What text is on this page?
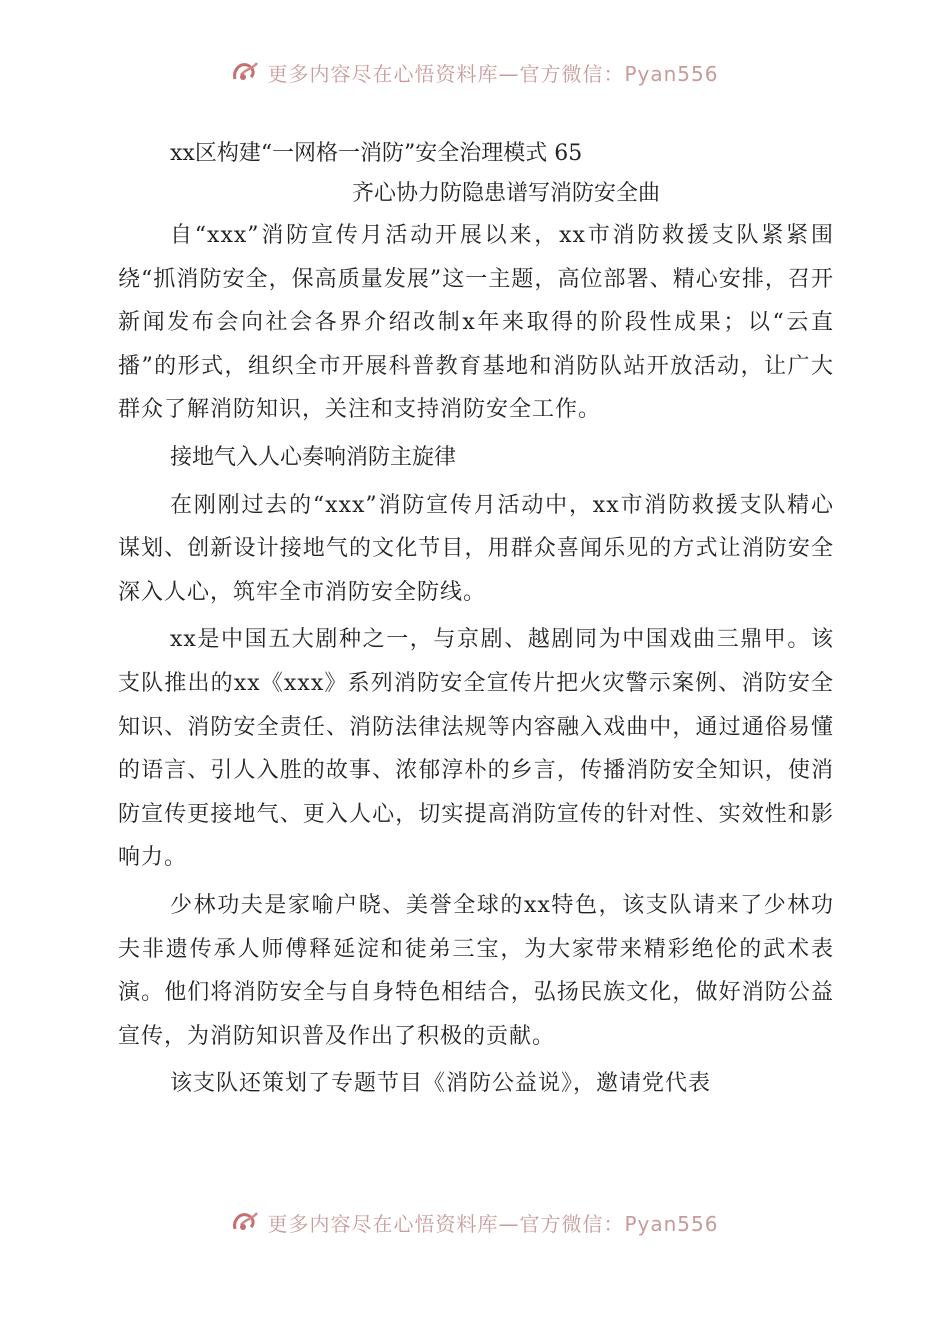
更多内容尽在心悟资料库—官方微信：Pyan556
xx区构建“一网格一消防”安全治理模式 65
齐心协力防隐患谱写消防安全曲
自“xxx”消防宣传月活动开展以来，xx市消防救援支队紧紧围绕“抓消防安全，保高质量发展”这一主题，高位部署、精心安排，召开新闻发布会向社会各界介绍改制x年来取得的阶段性成果；以“云直播”的形式，组织全市开展科普教育基地和消防队站开放活动，让广大群众了解消防知识，关注和支持消防安全工作。
接地气入人心奏响消防主旋律
在刚刚过去的“xxx”消防宣传月活动中，xx市消防救援支队精心谋划、创新设计接地气的文化节目，用群众喜闻乐见的方式让消防安全深入人心，筑牢全市消防安全防线。
xx是中国五大剧种之一，与京剧、越剧同为中国戏曲三鼎甲。该支队推出的xx《xxx》系列消防安全宣传片把火灾警示案例、消防安全知识、消防安全责任、消防法律法规等内容融入戏曲中，通过通俗易懂的语言、引人入胜的故事、浓郁淳朴的乡言，传播消防安全知识，使消防宣传更接地气、更入人心，切实提高消防宣传的针对性、实效性和影响力。
少林功夫是家喻户晓、美誉全球的xx特色，该支队请来了少林功夫非遗传承人师傅释延淀和徒弟三宝，为大家带来精彩绝伦的武术表演。他们将消防安全与自身特色相结合，弘扬民族文化，做好消防公益宣传，为消防知识普及作出了积极的贡献。
该支队还策划了专题节目《消防公益说》，邀请党代表
更多内容尽在心悟资料库—官方微信：Pyan556
